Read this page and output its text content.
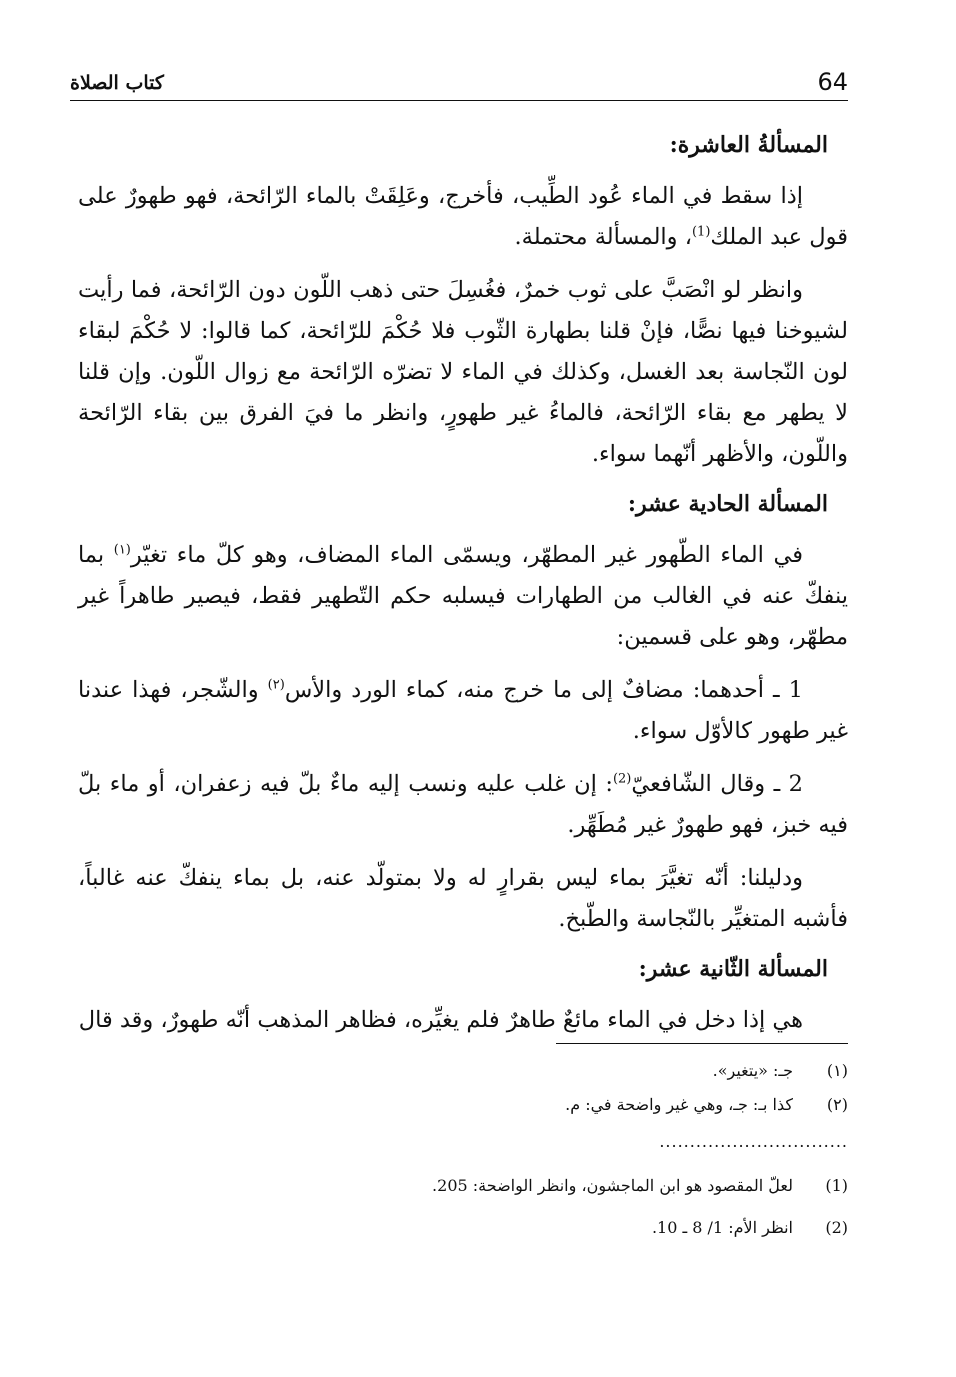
64
كتاب الصلاة
المسألةُ العاشرة:

إذا سقط في الماء عُود الطِّيب، فأخرج، وعَلِقَتْ بالماء الرّائحة، فهو طهورٌ على قول عبد الملك$^{(1)}$، والمسألة محتملة.

وانظر لو انْصَبَّ على ثوب خمرٌ، فغُسِلَ حتى ذهب اللّون دون الرّائحة، فما رأيت لشيوخنا فيها نصًّا، فإنْ قلنا بطهارة الثّوب فلا حُكْمَ للرّائحة، كما قالوا: لا حُكْمَ لبقاء لون النّجاسة بعد الغسل، وكذلك في الماء لا تضرّه الرّائحة مع زوال اللّون. وإن قلنا لا يطهر مع بقاء الرّائحة، فالماءُ غير طهورٍ، وانظر ما فيَ الفرق بين بقاء الرّائحة واللّون، والأظهر أنّهما سواء.

المسألة الحادية عشر:

في الماء الطّهور غير المطهّر، ويسمّى الماء المضاف، وهو كلّ ماء تغيّر$^{(١)}$ بما ينفكّ عنه في الغالب من الطهارات فيسلبه حكم التّطهير فقط، فيصير طاهراً غير مطهّر، وهو على قسمين:

1 ـ أحدهما: مضافٌ إلى ما خرج منه، كماء الورد والأس$^{(٢)}$ والشّجر، فهذا عندنا غير طهور كالأوّل سواء.

2 ـ وقال الشّافعيّ$^{(2)}$: إن غلب عليه ونسب إليه ماءٌ بلّ فيه زعفران، أو ماء بلّ فيه خبز، فهو طهورٌ غير مُطَهِّر.

ودليلنا: أنّه تغيَّرَ بماء ليس بقرارٍ له ولا بمتولّد عنه، بل بماء ينفكّ عنه غالباً، فأشبه المتغيِّر بالنّجاسة والطّبخ.

المسألة الثّانية عشر:

هي إذا دخل في الماء مائعٌ طاهرٌ فلم يغيِّره، فظاهر المذهب أنّه طهورٌ، وقد قال

(١)
جـ: «يتغير».
(٢)
كذا بـ: جـ، وهي غير واضحة في: م.
...............................
(1)
لعلّ المقصود هو ابن الماجشون، وانظر الواضحة: 205.
(2)
انظر الأم: 1/ 8 ـ 10.
